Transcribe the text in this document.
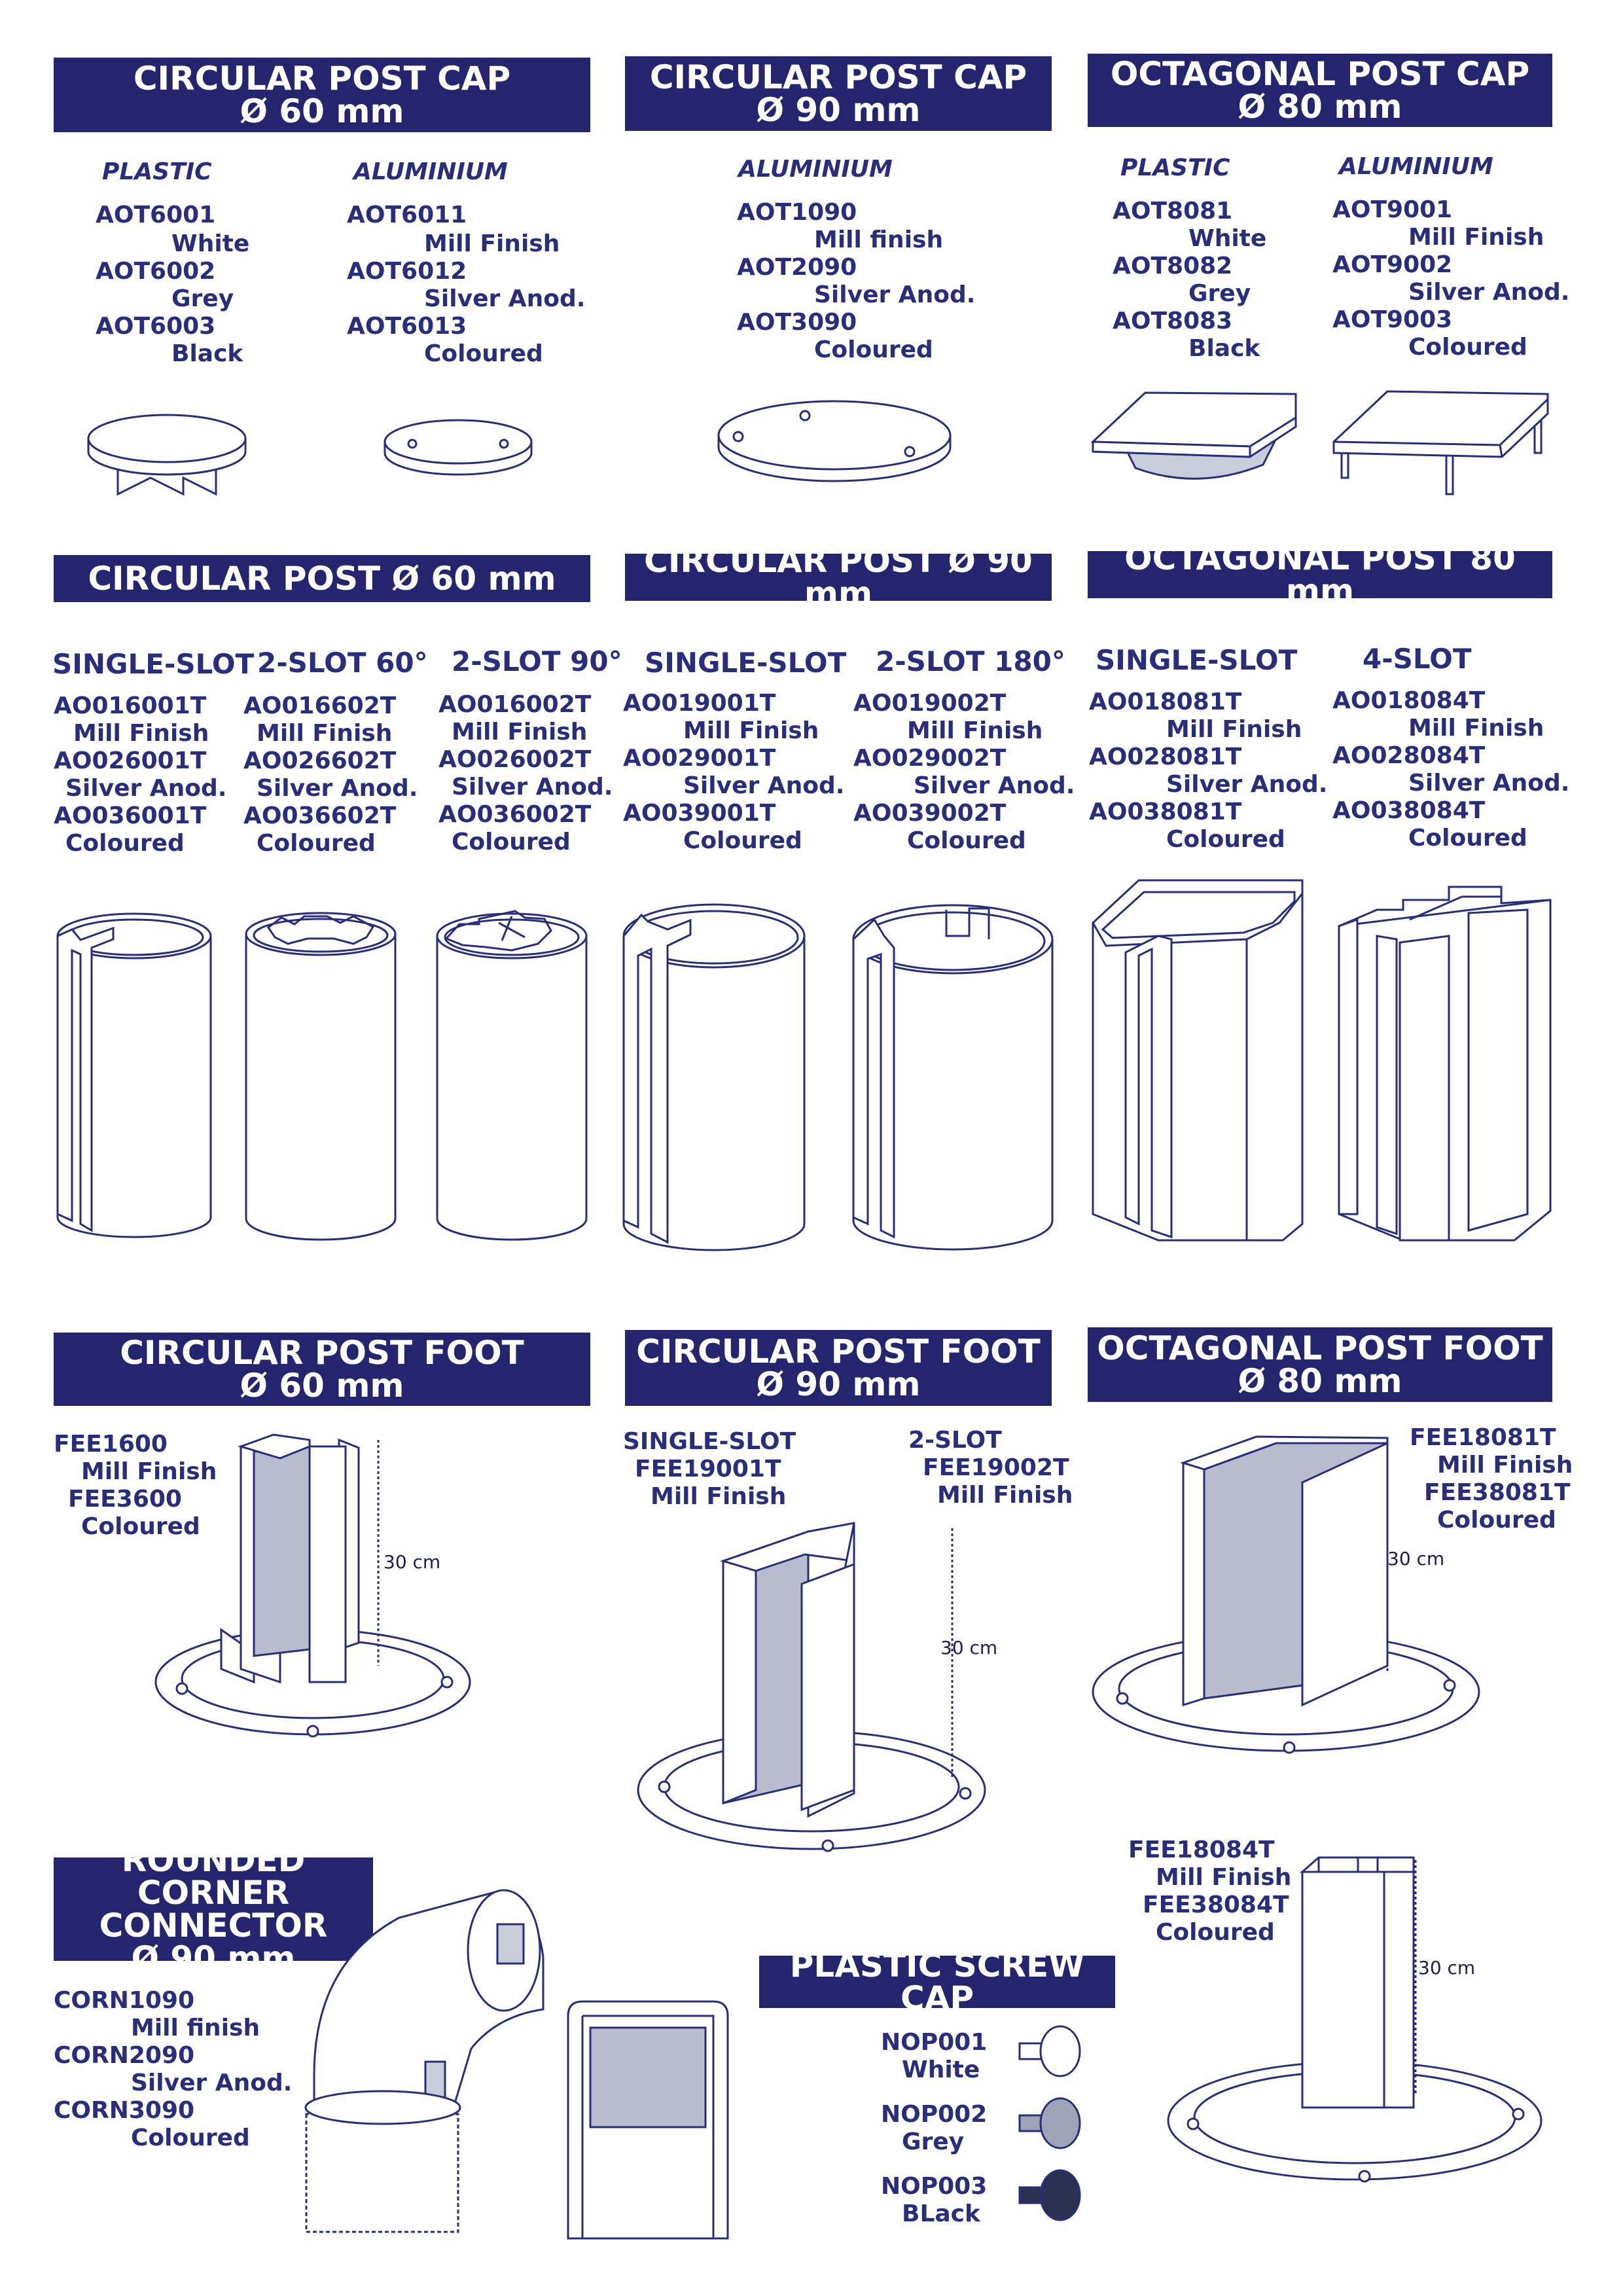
CIRCULAR POST CAP
Ø 60 mm
CIRCULAR POST CAP
Ø 90 mm
OCTAGONAL POST CAP
Ø 80 mm
PLASTIC
AOT6001
White
AOT6002
Grey
AOT6003
Black
ALUMINIUM
AOT6011
Mill Finish
AOT6012
Silver Anod.
AOT6013
Coloured
ALUMINIUM
AOT1090
Mill finish
AOT2090
Silver Anod.
AOT3090
Coloured
PLASTIC
AOT8081
White
AOT8082
Grey
AOT8083
Black
ALUMINIUM
AOT9001
Mill Finish
AOT9002
Silver Anod.
AOT9003
Coloured
CIRCULAR POST Ø 60 mm	CIRCULAR POST Ø 90 mm
OCTAGONAL POST 80 mm
SINGLE-SLOT
AO016001T
Mill Finish
AO026001T
Silver Anod.
AO036001T
Coloured
2-SLOT 60°
AO016602T
Mill Finish
AO026602T
Silver Anod.
AO036602T
Coloured
2-SLOT 90°
AO016002T
Mill Finish
AO026002T
Silver Anod.
AO036002T
Coloured
SINGLE-SLOT
AO019001T
Mill Finish
AO029001T
Silver Anod.
AO039001T
Coloured
2-SLOT 180°
AO019002T
Mill Finish
AO029002T
Silver Anod.
AO039002T
Coloured
SINGLE-SLOT
AO018081T
Mill Finish
AO028081T
Silver Anod.
AO038081T
Coloured
4-SLOT
AO018084T
Mill Finish
AO028084T
Silver Anod.
AO038084T
Coloured
CIRCULAR POST FOOT
Ø 60 mm
CIRCULAR POST FOOT
Ø 90 mm
OCTAGONAL POST FOOT
Ø 80 mm
FEE1600
Mill Finish
FEE3600
Coloured
SINGLE-SLOT
FEE19001T
Mill Finish
2-SLOT
FEE19002T
Mill Finish
FEE18081T
Mill Finish
FEE38081T
Coloured
30 cm
30 cm
30 cm
FEE18084T
Mill Finish
FEE38084T
Coloured
30 cm
ROUNDED CORNER
CONNECTOR
Ø 90 mm
CORN1090
Mill finish
CORN2090
Silver Anod.
CORN3090
Coloured
PLASTIC SCREW CAP
NOP001
White
NOP002
Grey
NOP003
BLack
